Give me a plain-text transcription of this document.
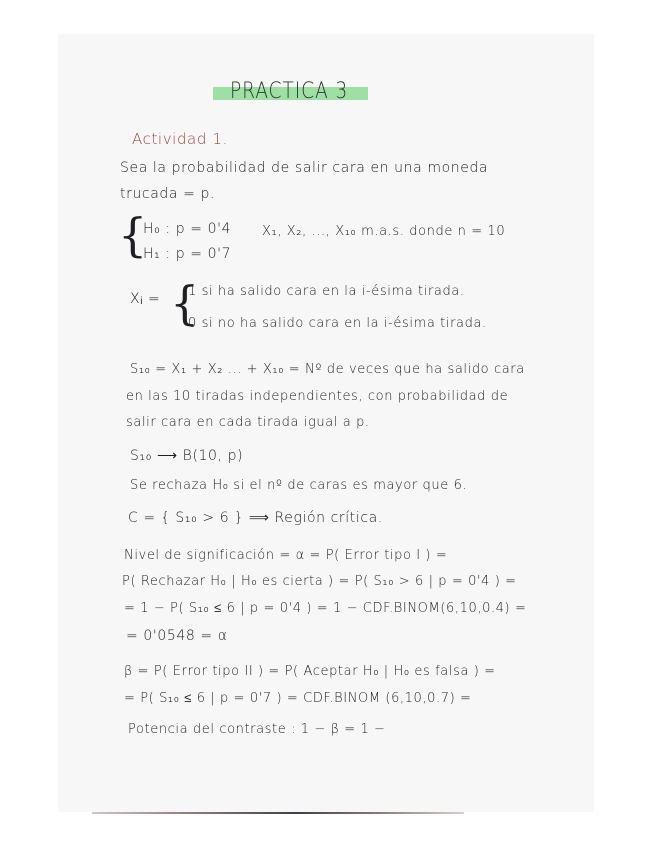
PRACTICA 3
Actividad 1.
Sea la probabilidad de salir cara en una moneda
trucada = p.
{
H₀ : p = 0'4
H₁ : p = 0'7
X₁, X₂, ..., X₁₀ m.a.s. donde n = 10
Xᵢ = {
1 si ha salido cara en la i-ésima tirada.
0 si no ha salido cara en la i-ésima tirada.
S₁₀ = X₁ + X₂ ... + X₁₀ = Nº de veces que ha salido cara
en las 10 tiradas independientes, con probabilidad de
salir cara en cada tirada igual a p.
S₁₀ ⟶ B(10, p)
Se rechaza H₀ si el nº de caras es mayor que 6.
C = { S₁₀ > 6 } ⟹ Región crítica.
Nivel de significación = α = P( Error tipo I ) =
P( Rechazar H₀ | H₀ es cierta ) = P( S₁₀ > 6 | p = 0'4 ) =
= 1 − P( S₁₀ ≤ 6 | p = 0'4 ) = 1 − CDF.BINOM(6,10,0.4) =
= 0'0548 = α
β = P( Error tipo II ) = P( Aceptar H₀ | H₀ es falsa ) =
= P( S₁₀ ≤ 6 | p = 0'7 ) = CDF.BINOM (6,10,0.7) =
Potencia del contraste : 1 − β = 1 −
